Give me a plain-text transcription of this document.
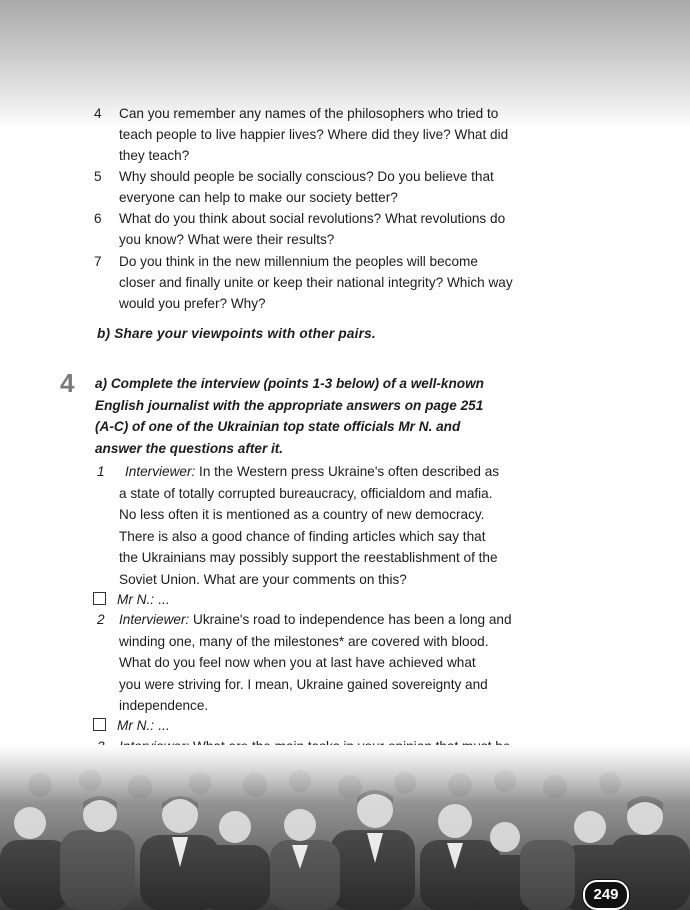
4 Can you remember any names of the philosophers who tried to
teach people to live happier lives? Where did they live? What did
they teach?
5 Why should people be socially conscious? Do you believe that
everyone can help to make our society better?
6 What do you think about social revolutions? What revolutions do
you know? What were their results?
7 Do you think in the new millennium the peoples will become
closer and finally unite or keep their national integrity? Which way
would you prefer? Why?
b) Share your viewpoints with other pairs.
4 a) Complete the interview (points 1-3 below) of a well-known
English journalist with the appropriate answers on page 251
(A-C) of one of the Ukrainian top state officials Mr N. and
answer the questions after it.
1	Interviewer: In the Western press Ukraine's often described as
a state of totally corrupted bureaucracy, officialdom and mafia.
No less often it is mentioned as a country of new democracy.
There is also a good chance of finding articles which say that
the Ukrainians may possibly support the reestablishment of the
Soviet Union. What are your comments on this?
Mr N.: ...
2 Interviewer: Ukraine's road to independence has been a long and
winding one, many of the milestones* are covered with blood.
What do you feel now when you at last have achieved what
you were striving for. I mean, Ukraine gained sovereignty and
independence.
Mr N.: ...
249
